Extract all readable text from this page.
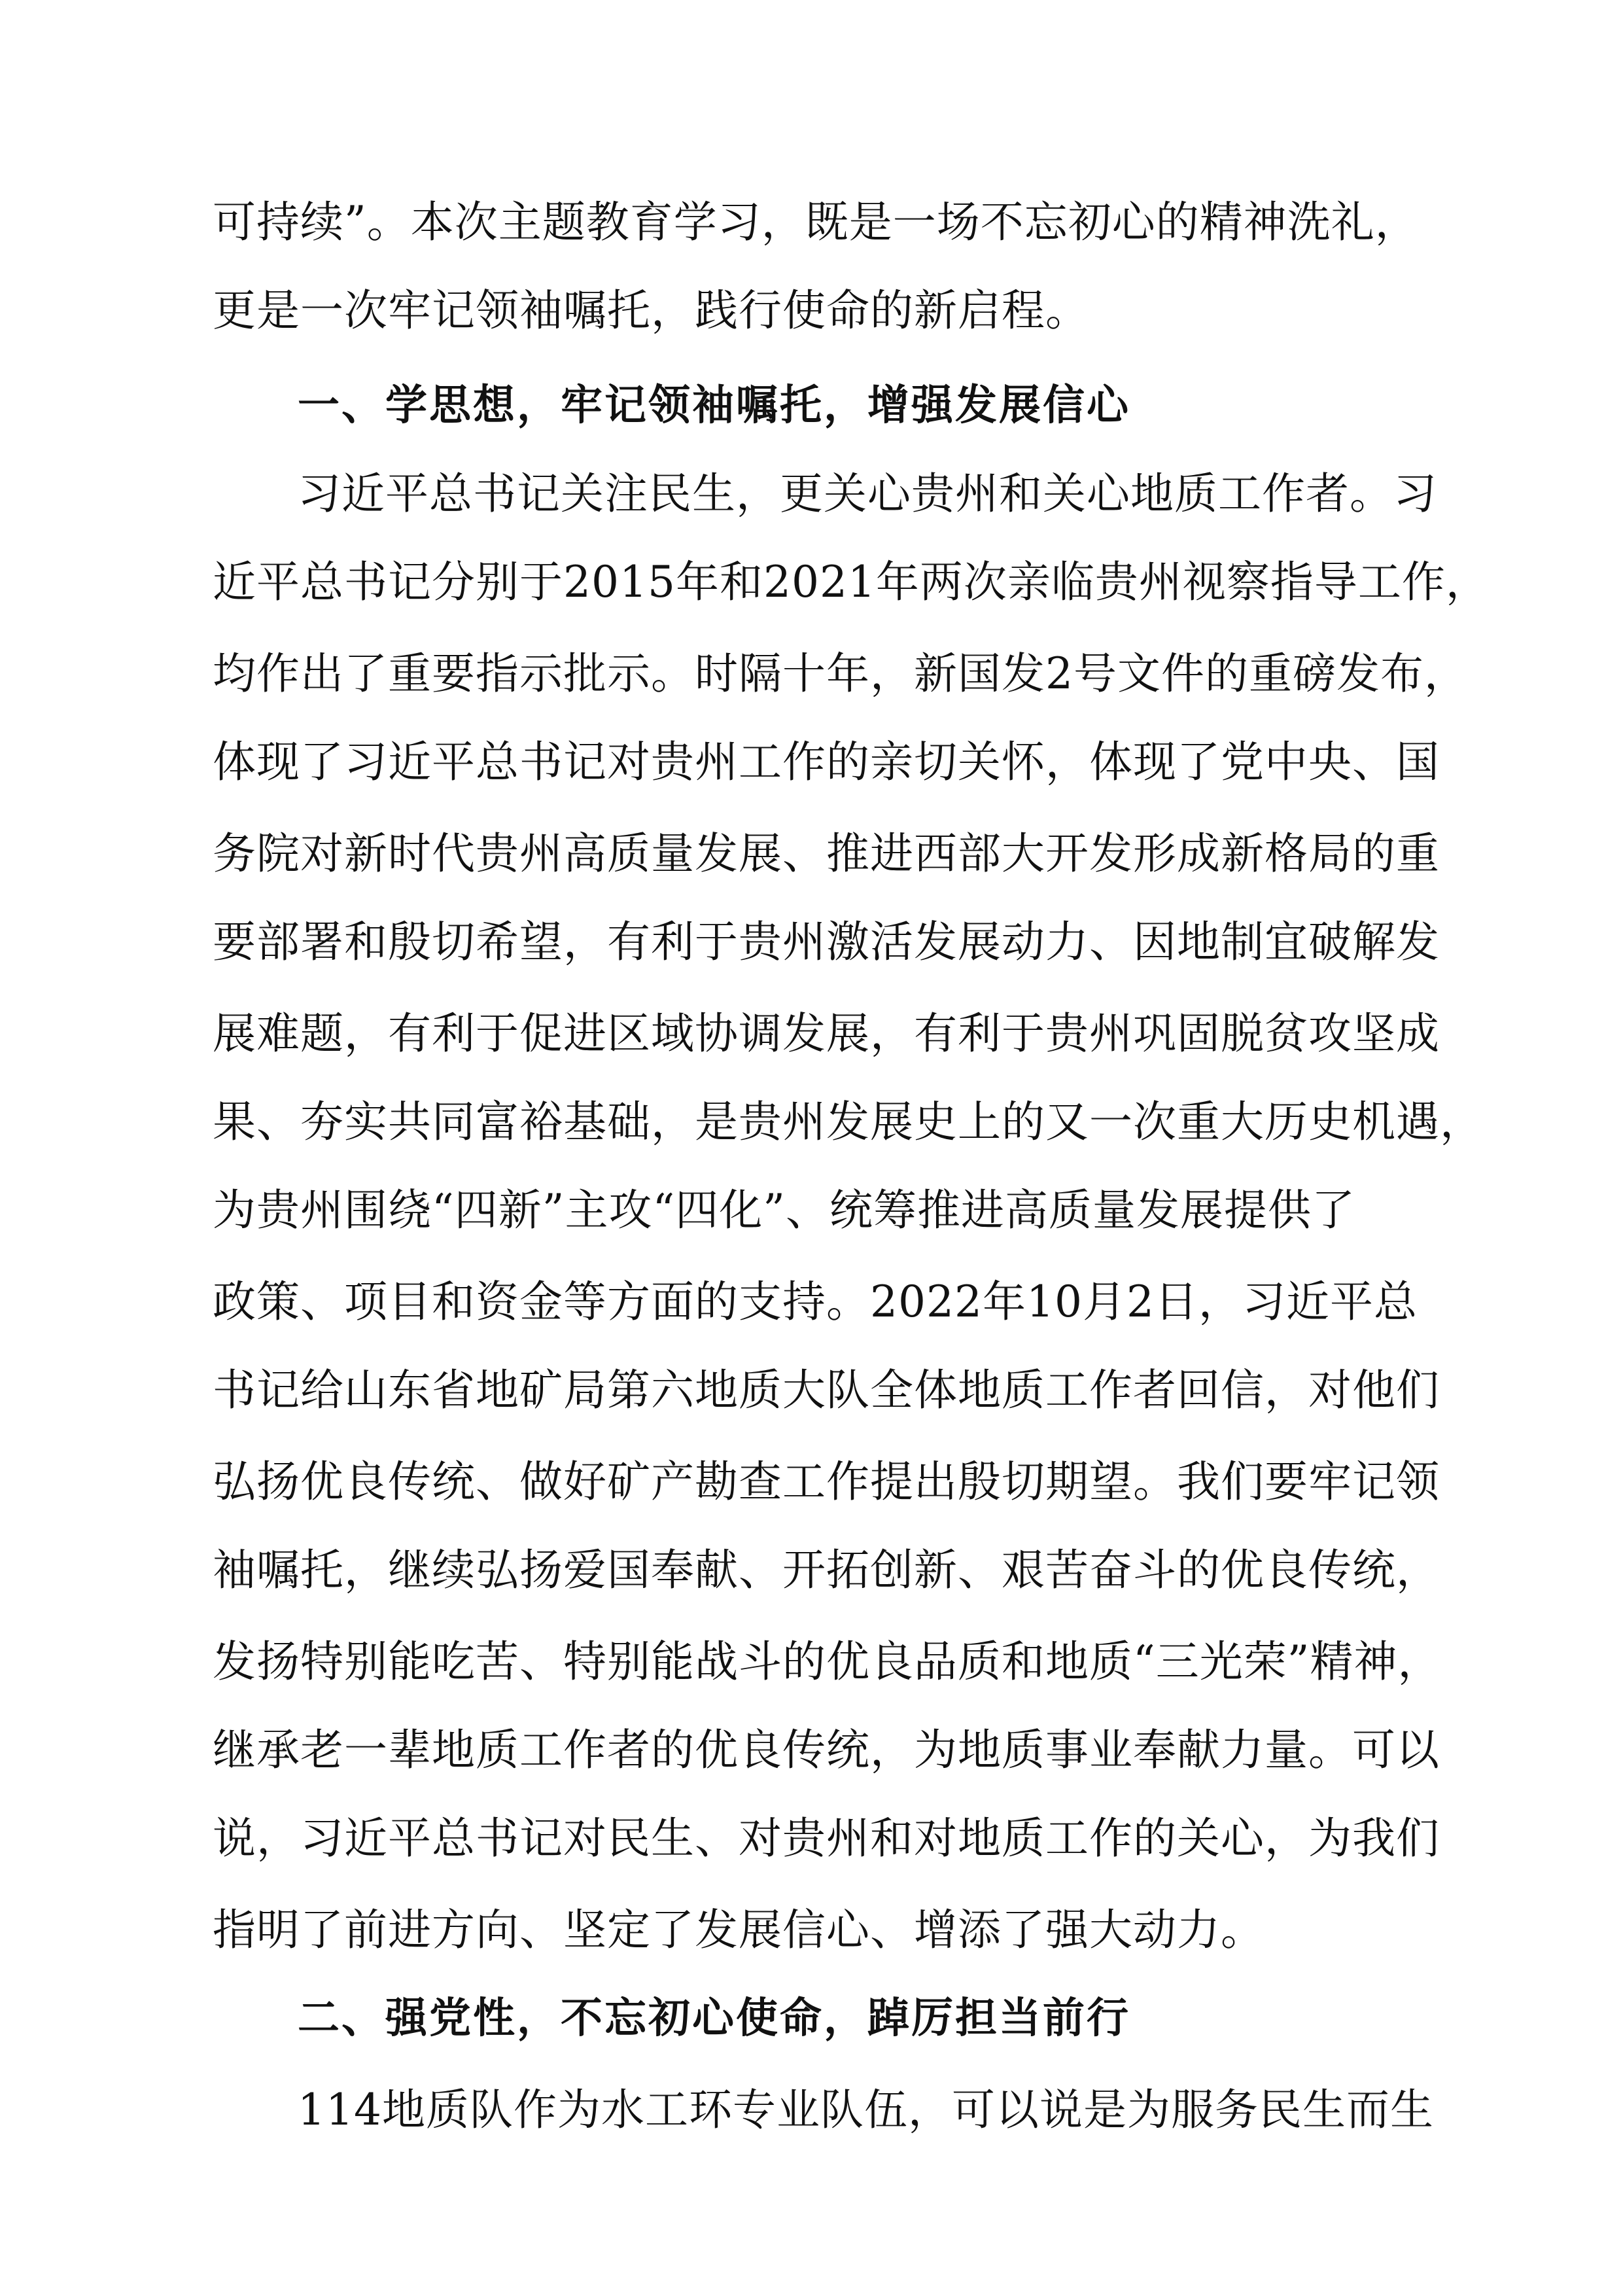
可持续”。本次主题教育学习，既是一场不忘初心的精神洗礼，
更是一次牢记领袖嘱托，践行使命的新启程。
一、学思想，牢记领袖嘱托，增强发展信心
习近平总书记关注民生，更关心贵州和关心地质工作者。习
近平总书记分别于2015年和2021年两次亲临贵州视察指导工作，
均作出了重要指示批示。时隔十年，新国发2号文件的重磅发布，
体现了习近平总书记对贵州工作的亲切关怀，体现了党中央、国
务院对新时代贵州高质量发展、推进西部大开发形成新格局的重
要部署和殷切希望，有利于贵州激活发展动力、因地制宜破解发
展难题，有利于促进区域协调发展，有利于贵州巩固脱贫攻坚成
果、夯实共同富裕基础，是贵州发展史上的又一次重大历史机遇，
为贵州围绕“四新”主攻“四化”、统筹推进高质量发展提供了
政策、项目和资金等方面的支持。2022年10月2日，习近平总
书记给山东省地矿局第六地质大队全体地质工作者回信，对他们
弘扬优良传统、做好矿产勘查工作提出殷切期望。我们要牢记领
袖嘱托，继续弘扬爱国奉献、开拓创新、艰苦奋斗的优良传统，
发扬特别能吃苦、特别能战斗的优良品质和地质“三光荣”精神，
继承老一辈地质工作者的优良传统，为地质事业奉献力量。可以
说，习近平总书记对民生、对贵州和对地质工作的关心，为我们
指明了前进方向、坚定了发展信心、增添了强大动力。
二、强党性，不忘初心使命，踔厉担当前行
114地质队作为水工环专业队伍，可以说是为服务民生而生
